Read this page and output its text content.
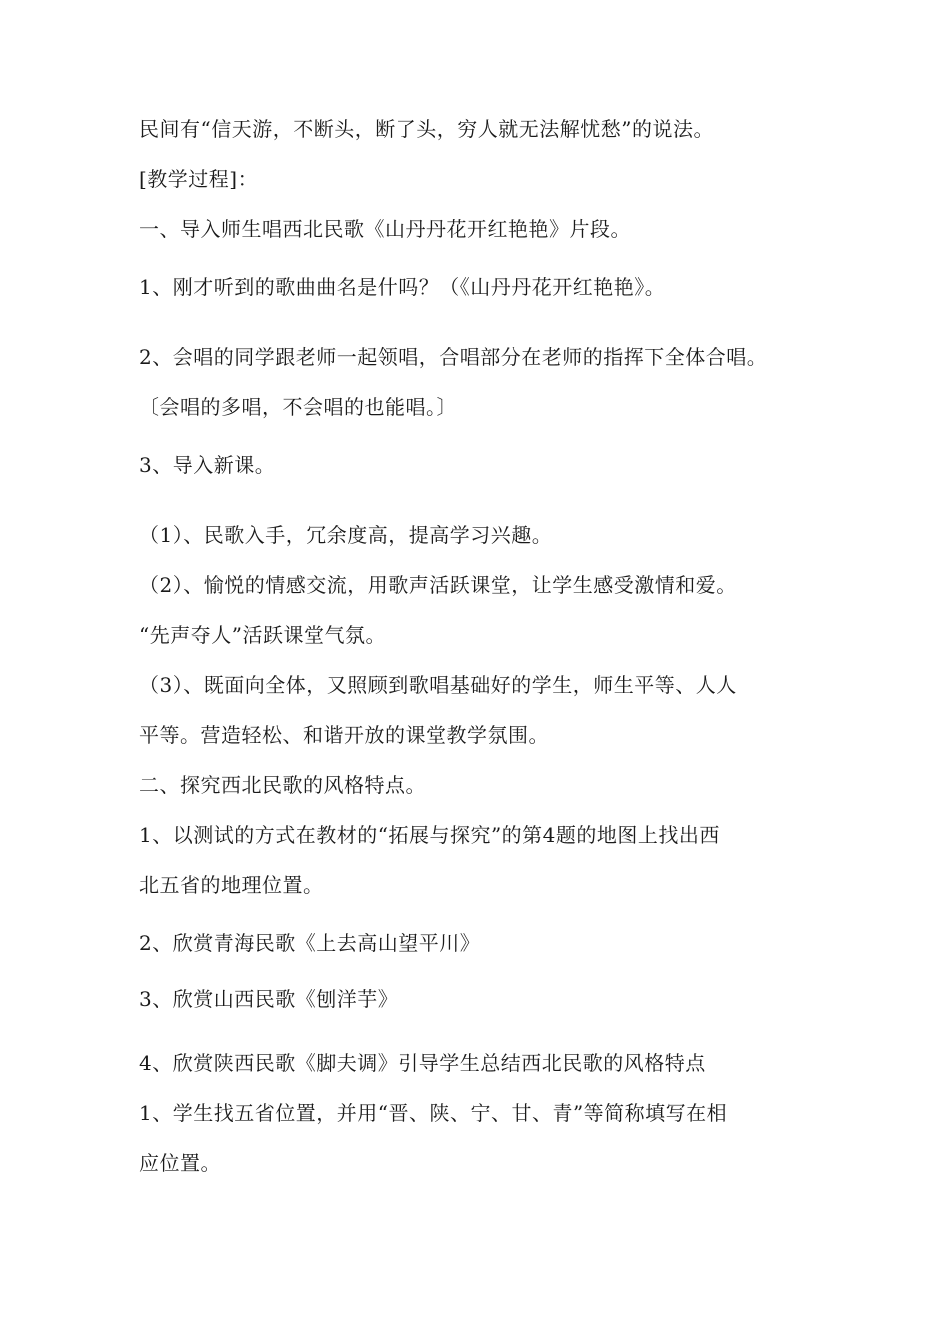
民间有“信天游，不断头，断了头，穷人就无法解忧愁”的说法。
[教学过程]：
一、导入师生唱西北民歌《山丹丹花开红艳艳》片段。
1、刚才听到的歌曲曲名是什吗？（《山丹丹花开红艳艳》。
2、会唱的同学跟老师一起领唱，合唱部分在老师的指挥下全体合唱。
〔会唱的多唱，不会唱的也能唱。〕
3、导入新课。
（1）、民歌入手，冗余度高，提高学习兴趣。
（2）、愉悦的情感交流，用歌声活跃课堂，让学生感受激情和爱。
“先声夺人”活跃课堂气氛。
（3）、既面向全体，又照顾到歌唱基础好的学生，师生平等、人人
平等。营造轻松、和谐开放的课堂教学氛围。
二、探究西北民歌的风格特点。
1、以测试的方式在教材的“拓展与探究”的第4题的地图上找出西
北五省的地理位置。
2、欣赏青海民歌《上去高山望平川》
3、欣赏山西民歌《刨洋芋》
4、欣赏陕西民歌《脚夫调》引导学生总结西北民歌的风格特点
1、学生找五省位置，并用“晋、陕、宁、甘、青”等简称填写在相
应位置。
